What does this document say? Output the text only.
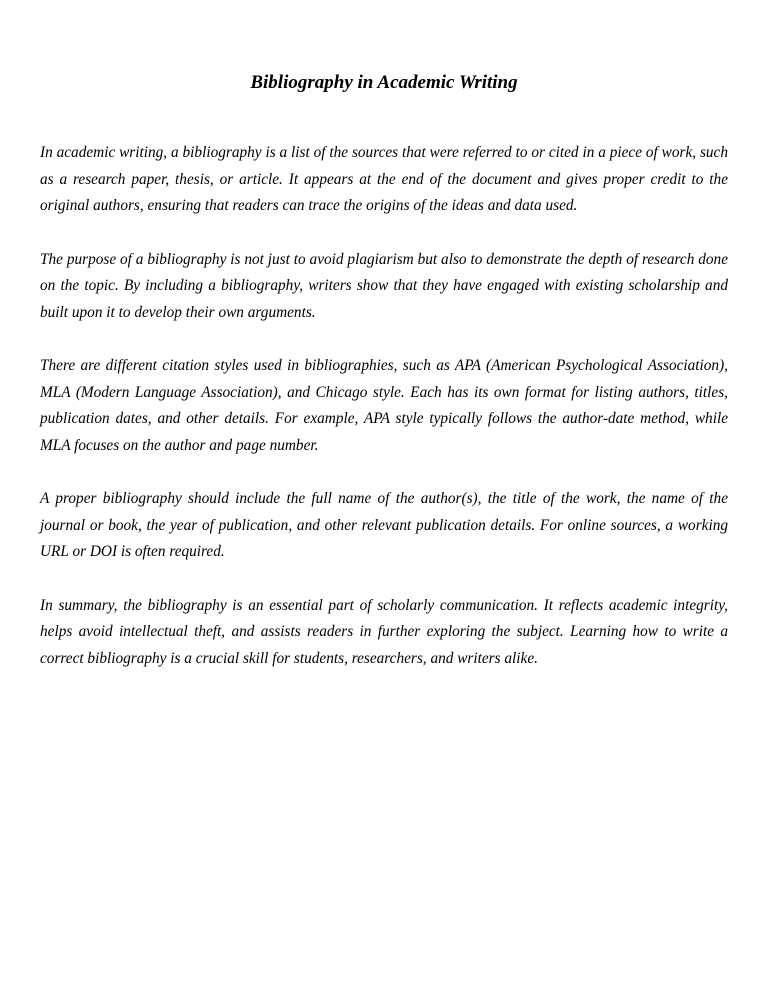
Bibliography in Academic Writing

In academic writing, a bibliography is a list of the sources that were referred to or cited in a piece of work, such as a research paper, thesis, or article. It appears at the end of the document and gives proper credit to the original authors, ensuring that readers can trace the origins of the ideas and data used.

The purpose of a bibliography is not just to avoid plagiarism but also to demonstrate the depth of research done on the topic. By including a bibliography, writers show that they have engaged with existing scholarship and built upon it to develop their own arguments.

There are different citation styles used in bibliographies, such as APA (American Psychological Association), MLA (Modern Language Association), and Chicago style. Each has its own format for listing authors, titles, publication dates, and other details. For example, APA style typically follows the author-date method, while MLA focuses on the author and page number.

A proper bibliography should include the full name of the author(s), the title of the work, the name of the journal or book, the year of publication, and other relevant publication details. For online sources, a working URL or DOI is often required.

In summary, the bibliography is an essential part of scholarly communication. It reflects academic integrity, helps avoid intellectual theft, and assists readers in further exploring the subject. Learning how to write a correct bibliography is a crucial skill for students, researchers, and writers alike.
